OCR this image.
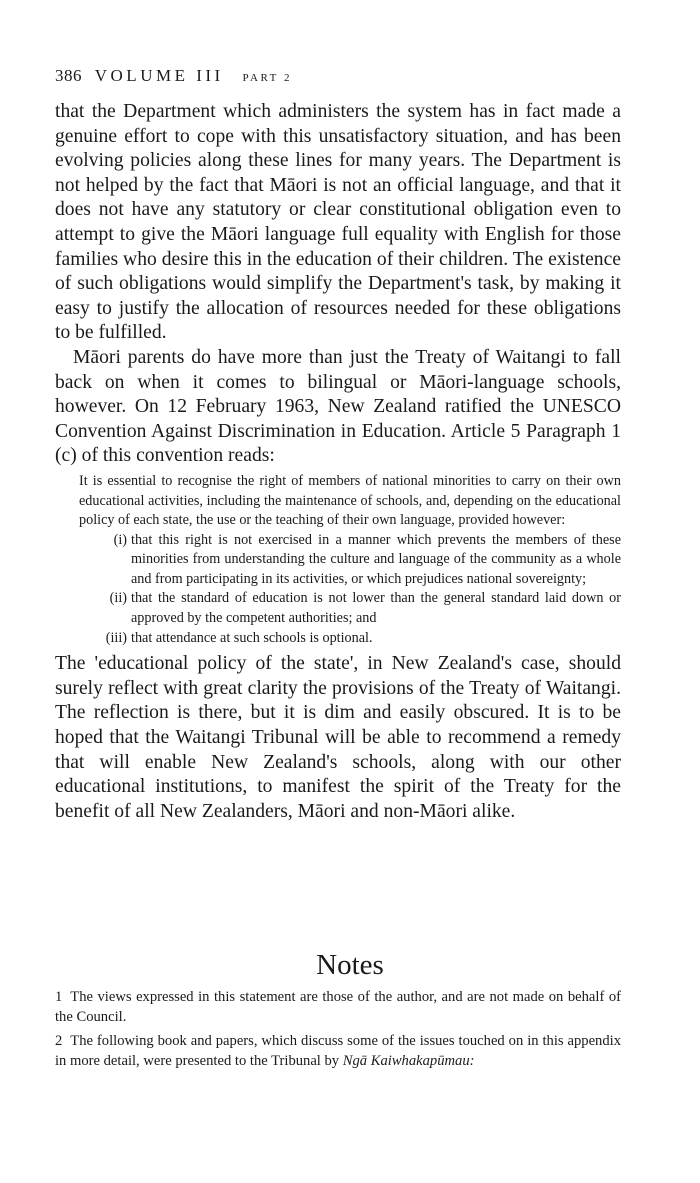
386 VOLUME III PART 2

that the Department which administers the system has in fact made a genuine effort to cope with this unsatisfactory situation, and has been evolving policies along these lines for many years. The Department is not helped by the fact that Māori is not an official language, and that it does not have any statutory or clear constitutional obligation even to attempt to give the Māori language full equality with English for those families who desire this in the education of their children. The existence of such obligations would simplify the Department's task, by making it easy to justify the allocation of resources needed for these obligations to be fulfilled.

Māori parents do have more than just the Treaty of Waitangi to fall back on when it comes to bilingual or Māori-language schools, however. On 12 February 1963, New Zealand ratified the UNESCO Convention Against Discrimination in Education. Article 5 Paragraph 1 (c) of this convention reads:

It is essential to recognise the right of members of national minorities to carry on their own educational activities, including the maintenance of schools, and, depending on the educational policy of each state, the use or the teaching of their own language, provided however:

(i) that this right is not exercised in a manner which prevents the members of these minorities from understanding the culture and language of the community as a whole and from participating in its activities, or which prejudices national sovereignty;
(ii) that the standard of education is not lower than the general standard laid down or approved by the competent authorities; and
(iii) that attendance at such schools is optional.

The 'educational policy of the state', in New Zealand's case, should surely reflect with great clarity the provisions of the Treaty of Waitangi. The reflection is there, but it is dim and easily obscured. It is to be hoped that the Waitangi Tribunal will be able to recommend a remedy that will enable New Zealand's schools, along with our other educational institutions, to manifest the spirit of the Treaty for the benefit of all New Zealanders, Māori and non-Māori alike.

Notes

1 The views expressed in this statement are those of the author, and are not made on behalf of the Council.

2 The following book and papers, which discuss some of the issues touched on in this appendix in more detail, were presented to the Tribunal by Ngā Kaiwhakapūmau:
